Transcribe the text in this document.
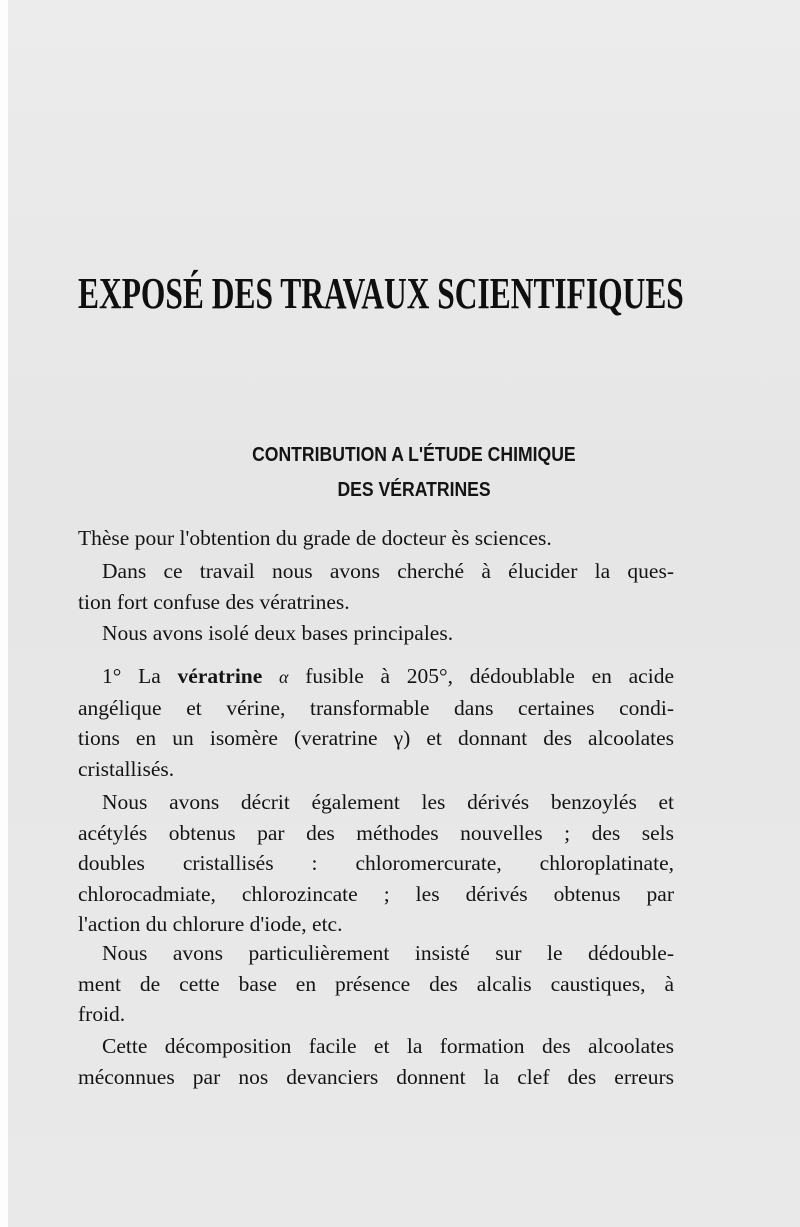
EXPOSÉ DES TRAVAUX SCIENTIFIQUES
CONTRIBUTION A L'ÉTUDE CHIMIQUE
DES VÉRATRINES

Thèse pour l'obtention du grade de docteur ès sciences.

Dans ce travail nous avons cherché à élucider la ques-
tion fort confuse des vératrines.

Nous avons isolé deux bases principales.

1° La vératrine α fusible à 205°, dédoublable en acide
angélique et vérine, transformable dans certaines condi-
tions en un isomère (veratrine γ) et donnant des alcoolates
cristallisés.

Nous avons décrit également les dérivés benzoylés et
acétylés obtenus par des méthodes nouvelles ; des sels
doubles cristallisés : chloromercurate, chloroplatinate,
chlorocadmiate, chlorozincate ; les dérivés obtenus par
l'action du chlorure d'iode, etc.

Nous avons particulièrement insisté sur le dédouble-
ment de cette base en présence des alcalis caustiques, à
froid.

Cette décomposition facile et la formation des alcoolates
méconnues par nos devanciers donnent la clef des erreurs
